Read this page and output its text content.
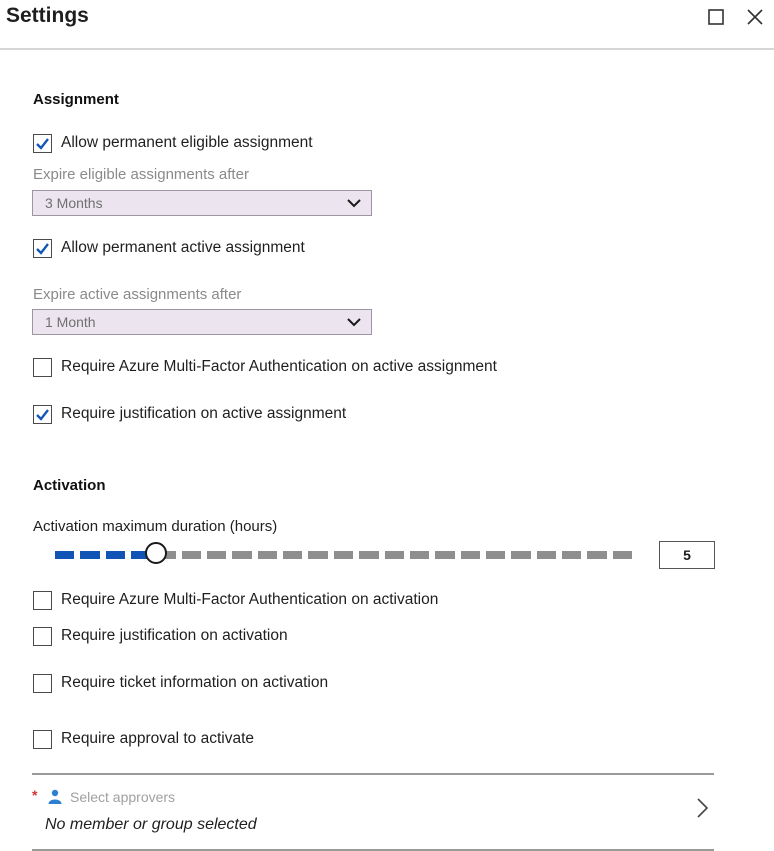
Settings
Assignment
Allow permanent eligible assignment
Expire eligible assignments after
3 Months
Allow permanent active assignment
Expire active assignments after
1 Month
Require Azure Multi-Factor Authentication on active assignment
Require justification on active assignment
Activation
Activation maximum duration (hours)
5
Require Azure Multi-Factor Authentication on activation
Require justification on activation
Require ticket information on activation
Require approval to activate
* Select approvers
No member or group selected
